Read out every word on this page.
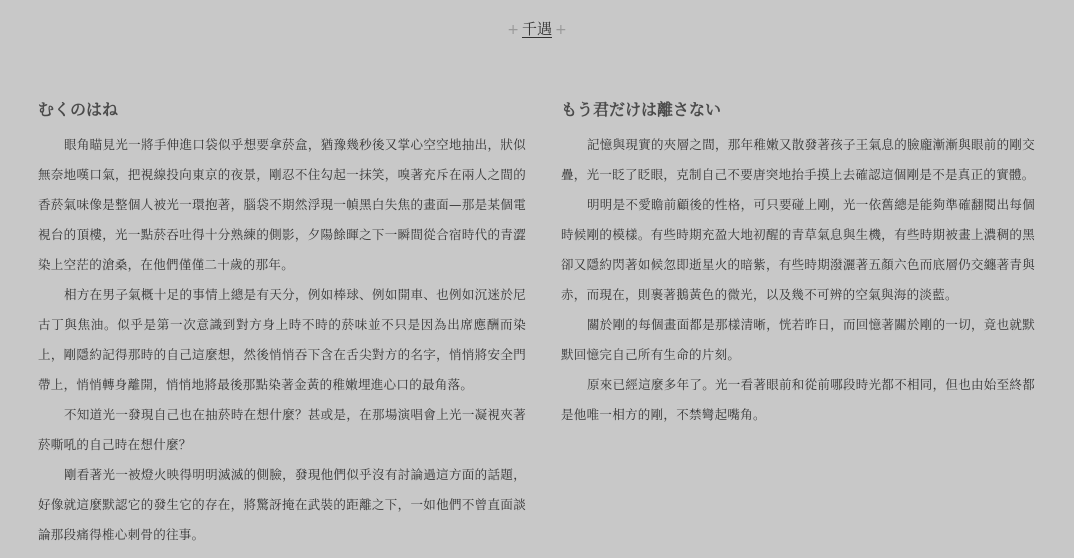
+ 千遇 +
むくのはね

眼角瞄見光一將手伸進口袋似乎想要拿菸盒，猶豫幾秒後又掌心空空地抽出，狀似無奈地嘆口氣，把視線投向東京的夜景，剛忍不住勾起一抹笑，嗅著充斥在兩人之間的香菸氣味像是整個人被光一環抱著，腦袋不期然浮現一幀黑白失焦的畫面—那是某個電視台的頂樓，光一點菸吞吐得十分熟練的側影，夕陽餘暉之下一瞬間從合宿時代的青澀染上空茫的滄桑，在他們僅僅二十歲的那年。

相方在男子氣概十足的事情上總是有天分，例如棒球、例如開車、也例如沉迷於尼古丁與焦油。似乎是第一次意識到對方身上時不時的菸味並不只是因為出席應酬而染上，剛隱約記得那時的自己這麼想，然後悄悄吞下含在舌尖對方的名字，悄悄將安全門帶上，悄悄轉身離開，悄悄地將最後那點染著金黃的稚嫩埋進心口的最角落。

不知道光一發現自己也在抽菸時在想什麼？甚或是，在那場演唱會上光一凝視夾著菸嘶吼的自己時在想什麼？

剛看著光一被燈火映得明明滅滅的側臉，發現他們似乎沒有討論過這方面的話題，好像就這麼默認它的發生它的存在，將驚訝掩在武裝的距離之下，一如他們不曾直面談論那段痛得椎心刺骨的往事。

もう君だけは離さない

記憶與現實的夾層之間，那年稚嫩又散發著孩子王氣息的臉龐漸漸與眼前的剛交疊，光一眨了眨眼，克制自己不要唐突地抬手摸上去確認這個剛是不是真正的實體。

明明是不愛瞻前顧後的性格，可只要碰上剛，光一依舊總是能夠準確翻閱出每個時候剛的模樣。有些時期充盈大地初醒的青草氣息與生機，有些時期被畫上濃稠的黑卻又隱約閃著如候忽即逝星火的暗紫，有些時期潑灑著五顏六色而底層仍交纏著青與赤，而現在，則裹著鵝黃色的微光，以及幾不可辨的空氣與海的淡藍。

關於剛的每個畫面都是那樣清晰，恍若昨日，而回憶著關於剛的一切，竟也就默默回憶完自己所有生命的片刻。

原來已經這麼多年了。光一看著眼前和從前哪段時光都不相同，但也由始至終都是他唯一相方的剛，不禁彎起嘴角。
